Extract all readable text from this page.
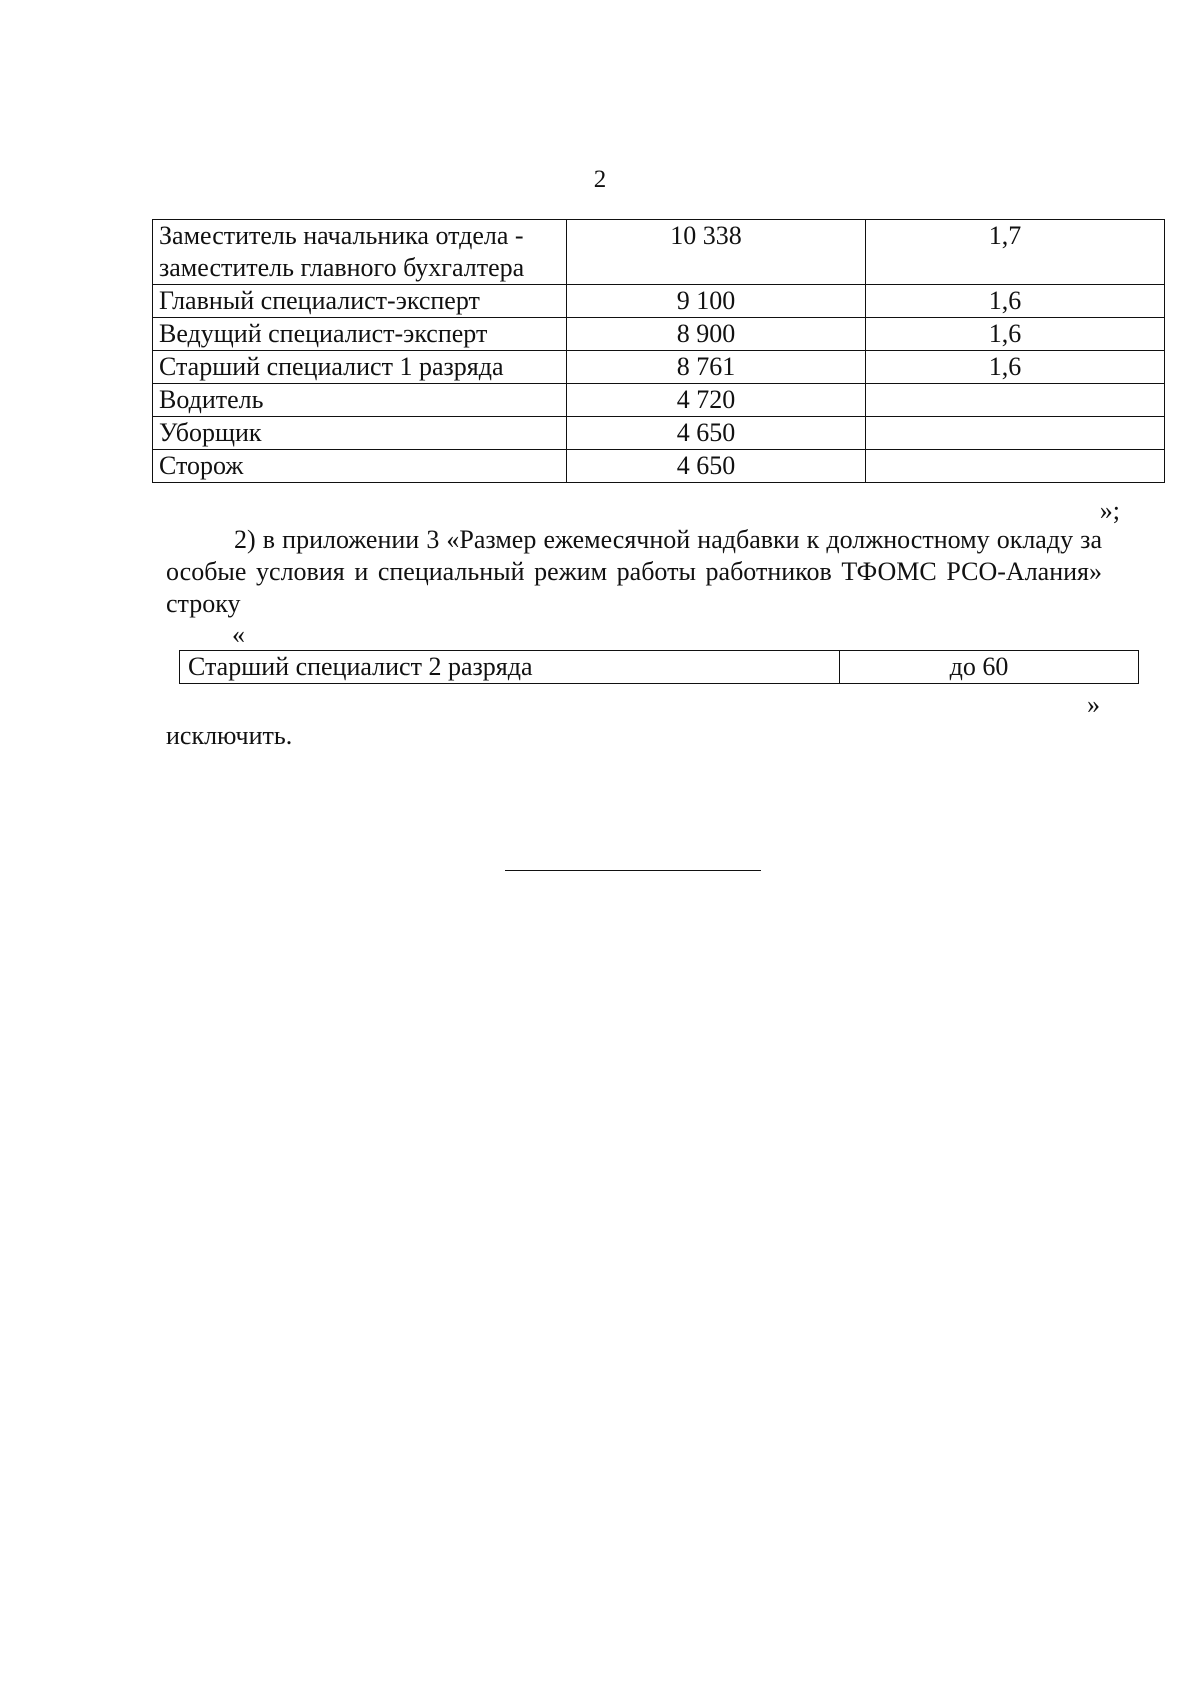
2
Заместитель начальника отдела - заместитель главного бухгалтера	10 338	1,7
Главный специалист-эксперт	9 100	1,6
Ведущий специалист-эксперт	8 900	1,6
Старший специалист 1 разряда	8 761	1,6
Водитель	4 720	
Уборщик	4 650	
Сторож	4 650	
»;

2) в приложении 3 «Размер ежемесячной надбавки к должностному окладу за особые условия и специальный режим работы работников ТФОМС РСО-Алания» строку

«
Старший специалист 2 разряда	до 60
»
исключить.
